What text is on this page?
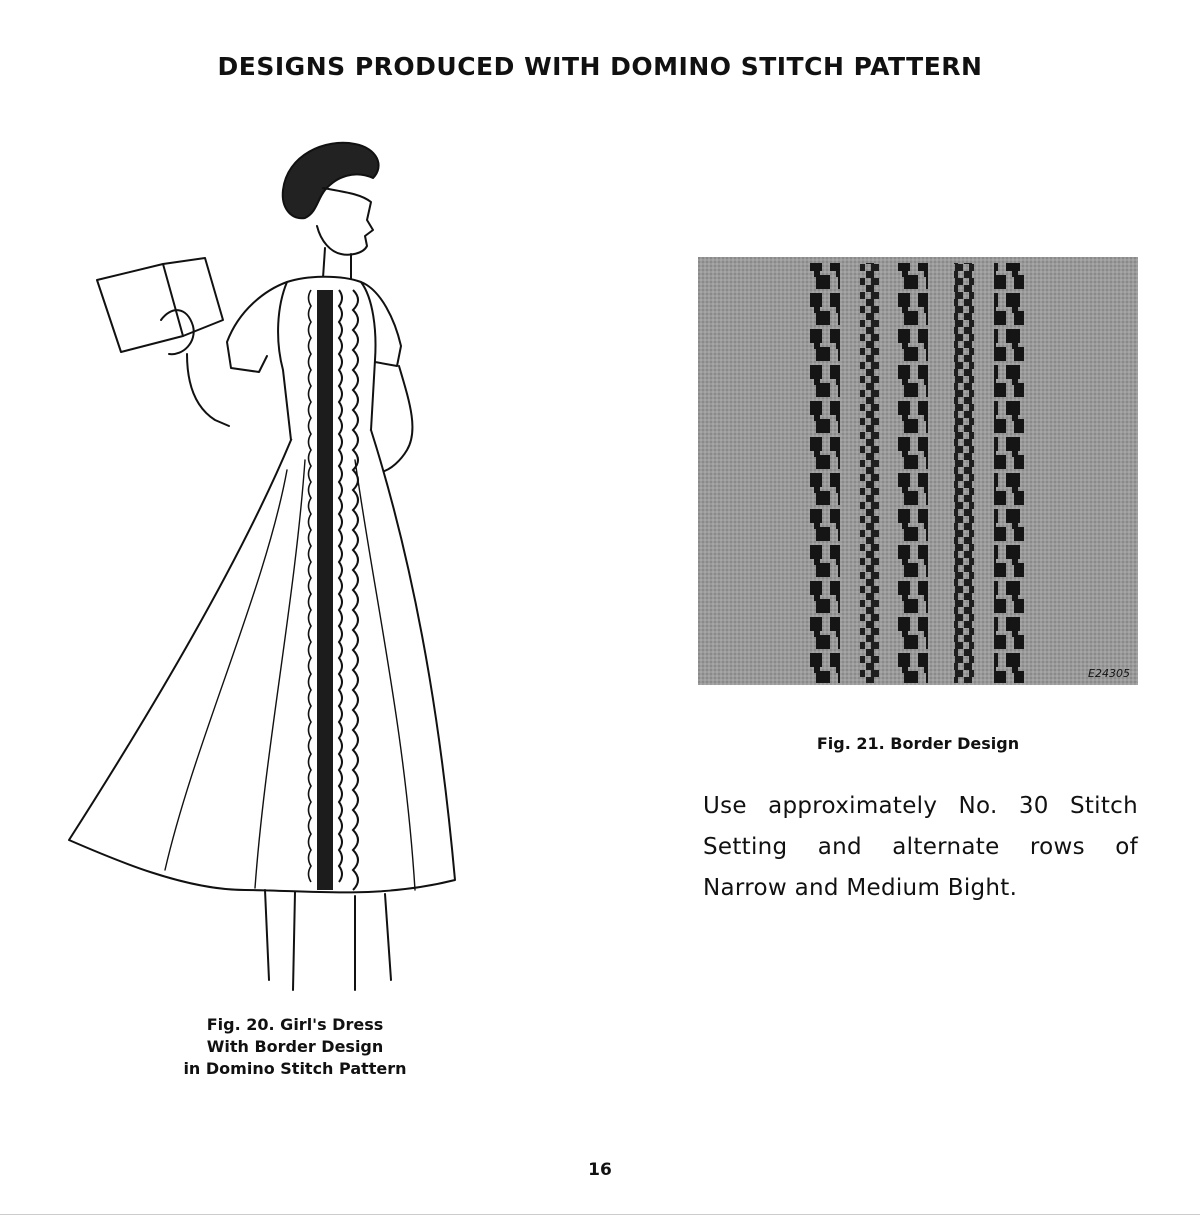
DESIGNS PRODUCED WITH DOMINO STITCH PATTERN
Fig. 20. Girl's Dress
With Border Design
in Domino Stitch Pattern
E24305
Fig. 21. Border Design

Use approximately No. 30 Stitch Setting and alternate rows of Narrow and Medium Bight.

16
